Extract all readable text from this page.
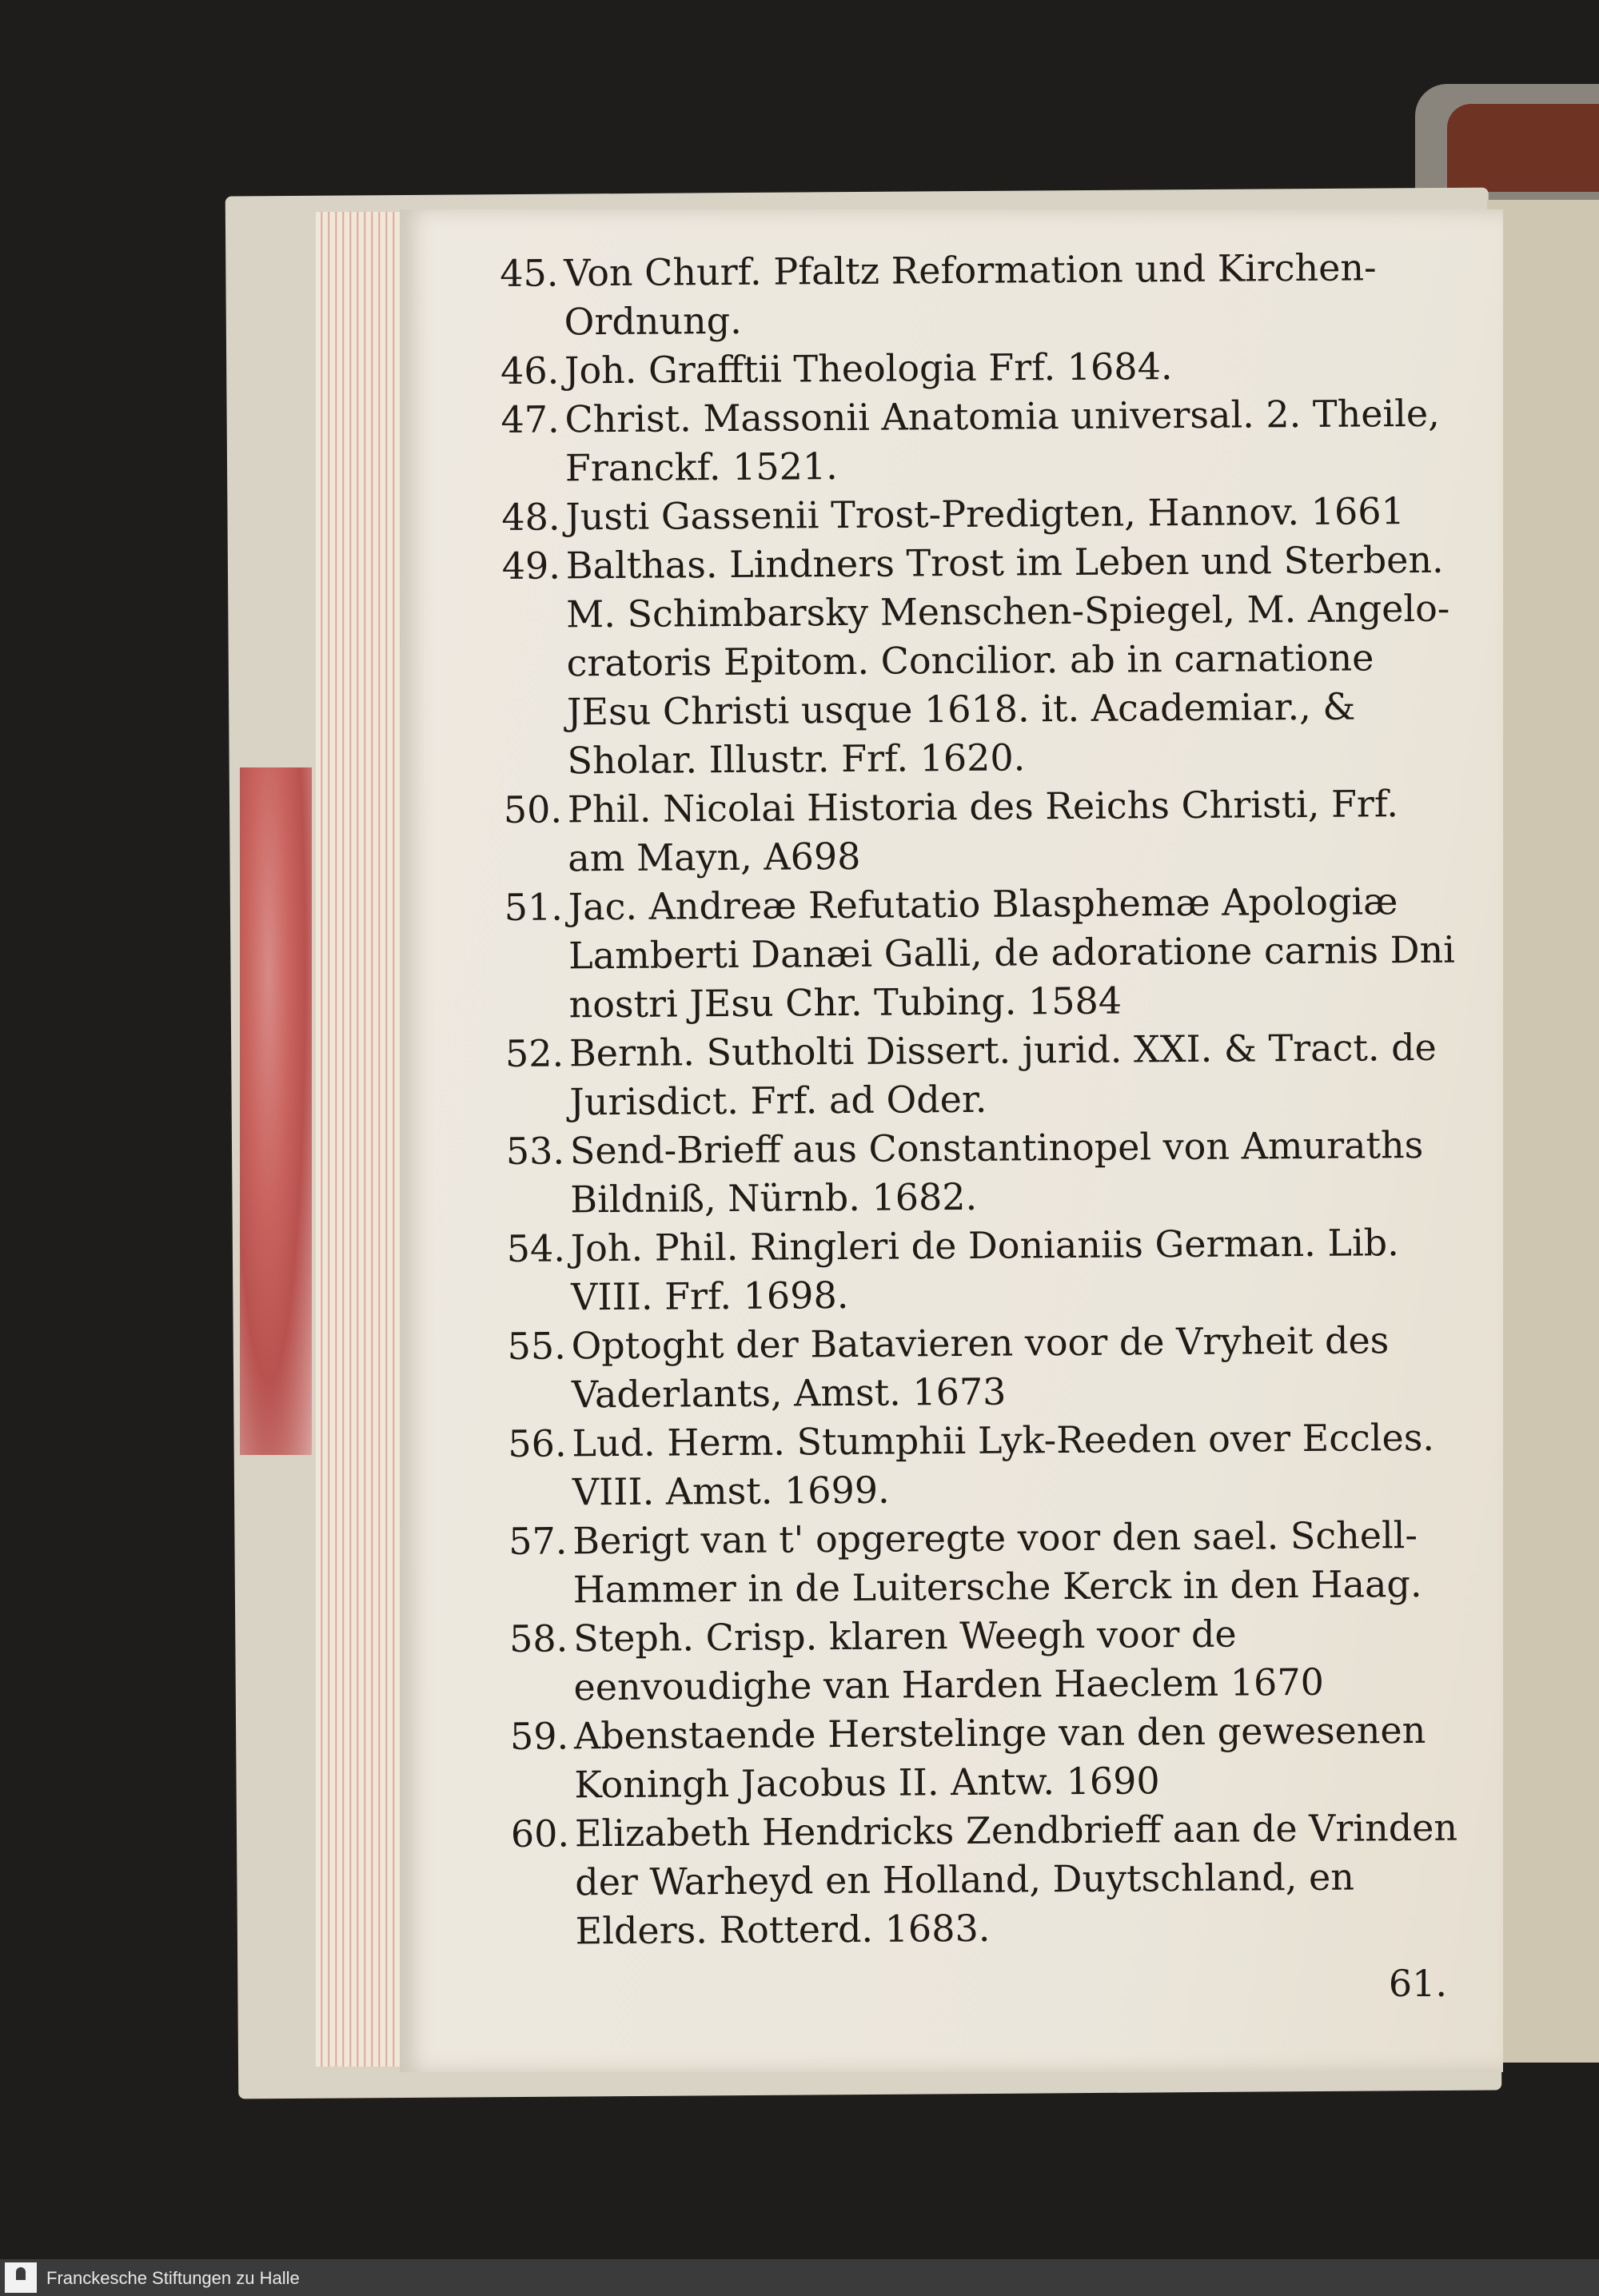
45. Von Churf. Pfaltz Reformation und Kirchen-Ordnung.
46. Joh. Grafftii Theologia Frf. 1684.
47. Christ. Massonii Anatomia universal. 2. Theile, Franckf. 1521.
48. Justi Gassenii Trost-Predigten, Hannov. 1661
49. Balthas. Lindners Trost im Leben und Sterben. M. Schimbarsky Menschen-Spiegel, M. Angelo-cratoris Epitom. Concilior. ab in carnatione JEsu Christi usque 1618. it. Academiar., & Sholar. Illustr. Frf. 1620.
50. Phil. Nicolai Historia des Reichs Christi, Frf. am Mayn, A698
51. Jac. Andreæ Refutatio Blasphemæ Apologiæ Lamberti Danæi Galli, de adoratione carnis Dni nostri JEsu Chr. Tubing. 1584
52. Bernh. Sutholti Dissert. jurid. XXI. & Tract. de Jurisdict. Frf. ad Oder.
53. Send-Brieff aus Constantinopel von Amuraths Bildniß, Nürnb. 1682.
54. Joh. Phil. Ringleri de Donianiis German. Lib. VIII. Frf. 1698.
55. Optoght der Batavieren voor de Vryheit des Vaderlants, Amst. 1673
56. Lud. Herm. Stumphii Lyk-Reeden over Eccles. VIII. Amst. 1699.
57. Berigt van t' opgeregte voor den sael. Schell-Hammer in de Luitersche Kerck in den Haag.
58. Steph. Crisp. klaren Weegh voor de eenvoudighe van Harden Haeclem 1670
59. Abenstaende Herstelinge van den gewesenen Koningh Jacobus II. Antw. 1690
60. Elizabeth Hendricks Zendbrieff aan de Vrinden der Warheyd en Holland, Duytschland, en Elders. Rotterd. 1683.
61.
Franckesche Stiftungen zu Halle
